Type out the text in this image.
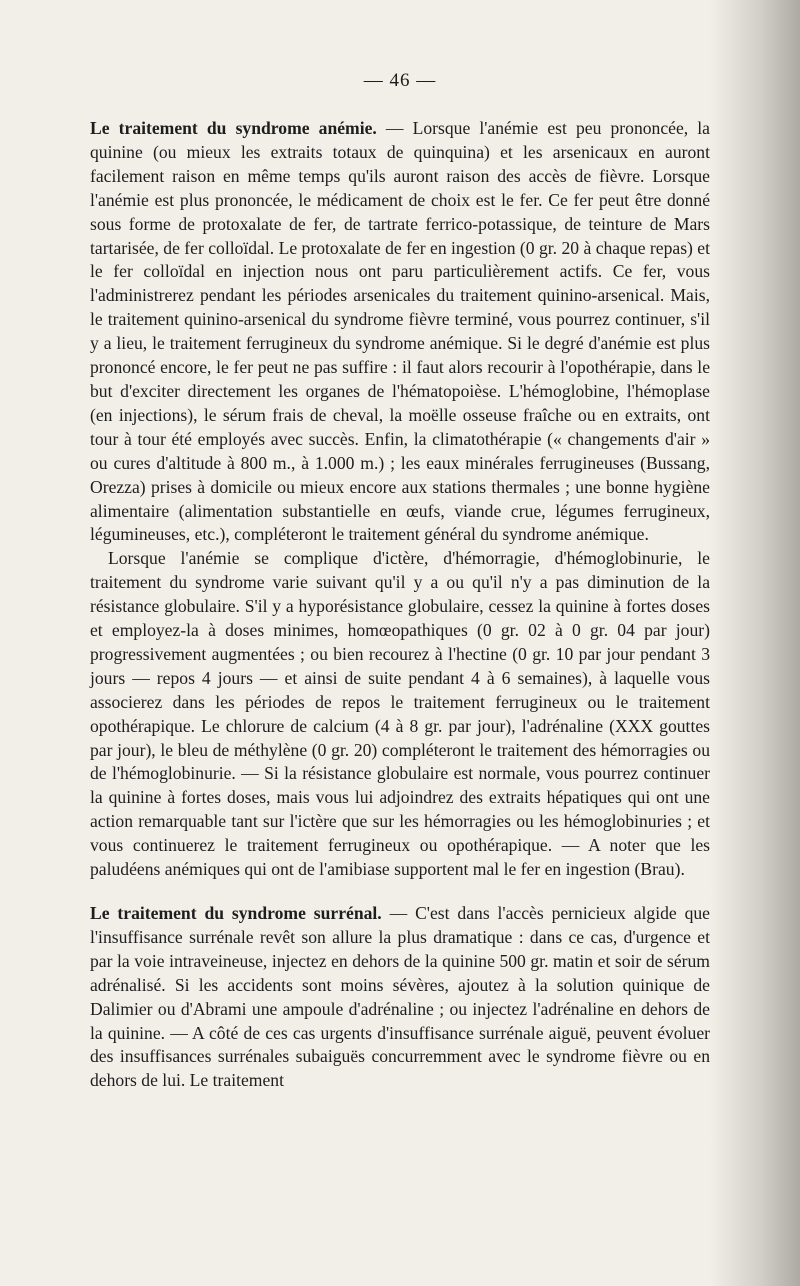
— 46 —

Le traitement du syndrome anémie. — Lorsque l'anémie est peu prononcée, la quinine (ou mieux les extraits totaux de quinquina) et les arsenicaux en auront facilement raison en même temps qu'ils auront raison des accès de fièvre. Lorsque l'anémie est plus prononcée, le médicament de choix est le fer. Ce fer peut être donné sous forme de protoxalate de fer, de tartrate ferrico-potassique, de teinture de Mars tartarisée, de fer colloïdal. Le protoxalate de fer en ingestion (0 gr. 20 à chaque repas) et le fer colloïdal en injection nous ont paru particulièrement actifs. Ce fer, vous l'administrerez pendant les périodes arsenicales du traitement quinino-arsenical. Mais, le traitement quinino-arsenical du syndrome fièvre terminé, vous pourrez continuer, s'il y a lieu, le traitement ferrugineux du syndrome anémique. Si le degré d'anémie est plus prononcé encore, le fer peut ne pas suffire : il faut alors recourir à l'opothérapie, dans le but d'exciter directement les organes de l'hématopoièse. L'hémoglobine, l'hémoplase (en injections), le sérum frais de cheval, la moëlle osseuse fraîche ou en extraits, ont tour à tour été employés avec succès. Enfin, la climatothérapie (« changements d'air » ou cures d'altitude à 800 m., à 1.000 m.) ; les eaux minérales ferrugineuses (Bussang, Orezza) prises à domicile ou mieux encore aux stations thermales ; une bonne hygiène alimentaire (alimentation substantielle en œufs, viande crue, légumes ferrugineux, légumineuses, etc.), compléteront le traitement général du syndrome anémique.

Lorsque l'anémie se complique d'ictère, d'hémorragie, d'hémoglobinurie, le traitement du syndrome varie suivant qu'il y a ou qu'il n'y a pas diminution de la résistance globulaire. S'il y a hyporésistance globulaire, cessez la quinine à fortes doses et employez-la à doses minimes, homœopathiques (0 gr. 02 à 0 gr. 04 par jour) progressivement augmentées ; ou bien recourez à l'hectine (0 gr. 10 par jour pendant 3 jours — repos 4 jours — et ainsi de suite pendant 4 à 6 semaines), à laquelle vous associerez dans les périodes de repos le traitement ferrugineux ou le traitement opothérapique. Le chlorure de calcium (4 à 8 gr. par jour), l'adrénaline (XXX gouttes par jour), le bleu de méthylène (0 gr. 20) compléteront le traitement des hémorragies ou de l'hémoglobinurie. — Si la résistance globulaire est normale, vous pourrez continuer la quinine à fortes doses, mais vous lui adjoindrez des extraits hépatiques qui ont une action remarquable tant sur l'ictère que sur les hémorragies ou les hémoglobinuries ; et vous continuerez le traitement ferrugineux ou opothérapique. — A noter que les paludéens anémiques qui ont de l'amibiase supportent mal le fer en ingestion (Brau).

Le traitement du syndrome surrénal. — C'est dans l'accès pernicieux algide que l'insuffisance surrénale revêt son allure la plus dramatique : dans ce cas, d'urgence et par la voie intraveineuse, injectez en dehors de la quinine 500 gr. matin et soir de sérum adrénalisé. Si les accidents sont moins sévères, ajoutez à la solution quinique de Dalimier ou d'Abrami une ampoule d'adrénaline ; ou injectez l'adrénaline en dehors de la quinine. — A côté de ces cas urgents d'insuffisance surrénale aiguë, peuvent évoluer des insuffisances surrénales subaiguës concurremment avec le syndrome fièvre ou en dehors de lui. Le traitement
